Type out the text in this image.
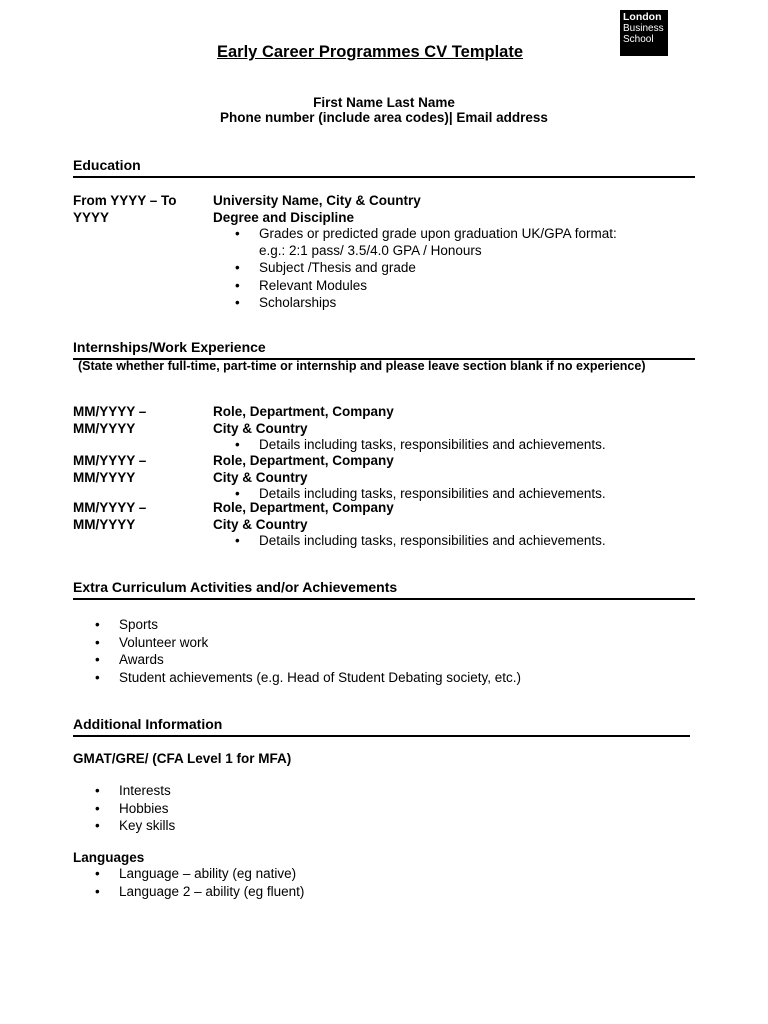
London
Business
School
Early Career Programmes CV Template
First Name Last Name
Phone number (include area codes)| Email address
Education
From YYYY – To
YYYY
University Name, City & Country
Degree and Discipline
• Grades or predicted grade upon graduation UK/GPA format: e.g.: 2:1 pass/ 3.5/4.0 GPA / Honours
• Subject /Thesis and grade
• Relevant Modules
• Scholarships
Internships/Work Experience
(State whether full-time, part-time or internship and please leave section blank if no experience)
MM/YYYY –
MM/YYYY
Role, Department, Company
City & Country
• Details including tasks, responsibilities and achievements.
MM/YYYY –
MM/YYYY
Role, Department, Company
City & Country
• Details including tasks, responsibilities and achievements.
MM/YYYY –
MM/YYYY
Role, Department, Company
City & Country
• Details including tasks, responsibilities and achievements.
Extra Curriculum Activities and/or Achievements
• Sports
• Volunteer work
• Awards
• Student achievements (e.g. Head of Student Debating society, etc.)
Additional Information
GMAT/GRE/ (CFA Level 1 for MFA)
• Interests
• Hobbies
• Key skills
Languages
• Language – ability (eg native)
• Language 2 – ability (eg fluent)
